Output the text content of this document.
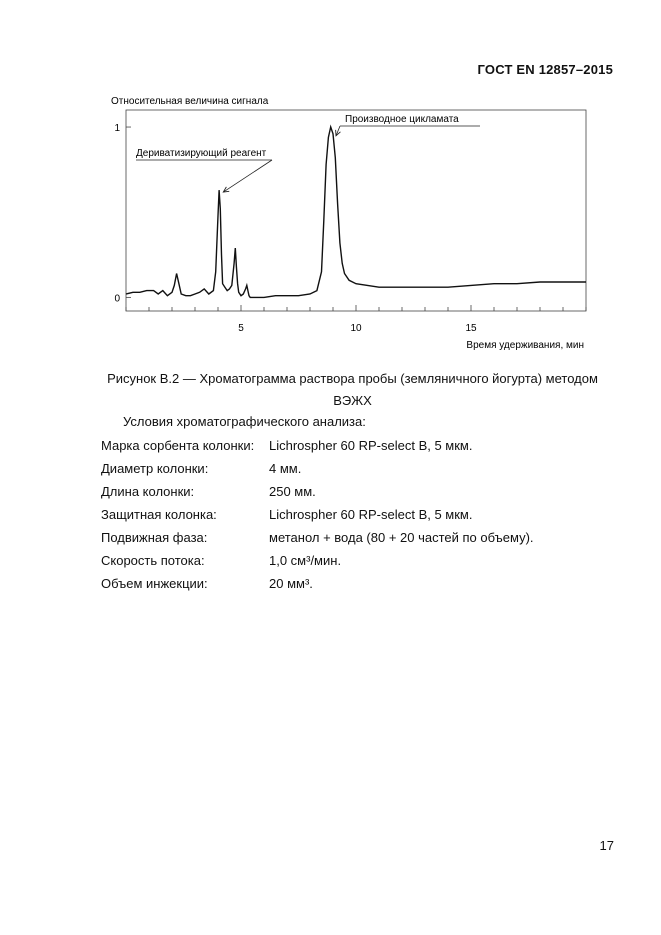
ГОСТ EN 12857–2015
Относительная величина сигнала
5	10	15
0
1
Дериватизирующий реагент
Производное цикламата
Время удерживания, мин
Рисунок В.2 — Хроматограмма раствора пробы (земляничного йогурта) методом
ВЭЖХ
Условия хроматографического анализа:
Марка сорбента колонки:	Lichrospher 60 RP-select B, 5 мкм.
Диаметр колонки:	4 мм.
Длина колонки:	250 мм.
Защитная колонка:	Lichrospher 60 RP-select B, 5 мкм.
Подвижная фаза:	метанол + вода (80 + 20 частей по объему).
Скорость потока:	1,0 см³/мин.
Объем инжекции:	20 мм³.
17
